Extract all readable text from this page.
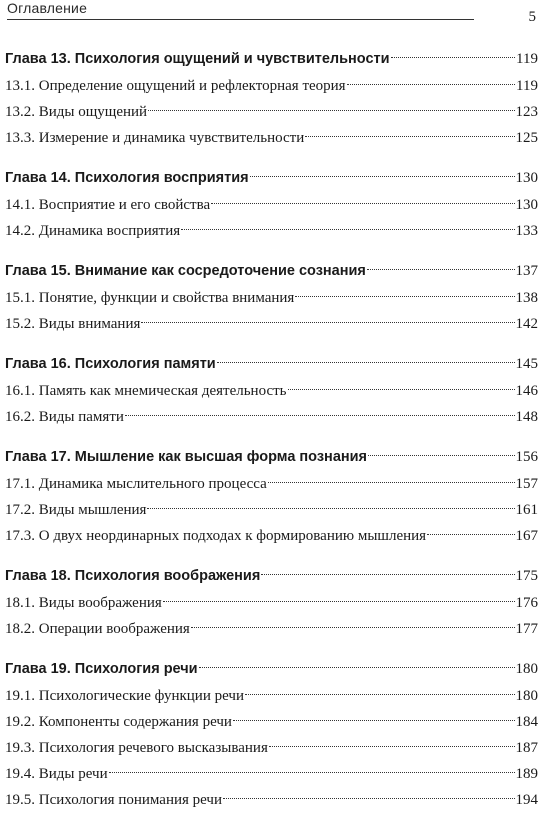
Оглавление
5
Глава 13. Психология ощущений и чувствительности	119
13.1. Определение ощущений и рефлекторная теория	119
13.2. Виды ощущений	123
13.3. Измерение и динамика чувствительности	125
Глава 14. Психология восприятия	130
14.1. Восприятие и его свойства	130
14.2. Динамика восприятия	133
Глава 15. Внимание как сосредоточение сознания	137
15.1. Понятие, функции и свойства внимания	138
15.2. Виды внимания	142
Глава 16. Психология памяти	145
16.1. Память как мнемическая деятельность	146
16.2. Виды памяти	148
Глава 17. Мышление как высшая форма познания	156
17.1. Динамика мыслительного процесса	157
17.2. Виды мышления	161
17.3. О двух неординарных подходах к формированию мышления	167
Глава 18. Психология воображения	175
18.1. Виды воображения	176
18.2. Операции воображения	177
Глава 19. Психология речи	180
19.1. Психологические функции речи	180
19.2. Компоненты содержания речи	184
19.3. Психология речевого высказывания	187
19.4. Виды речи	189
19.5. Психология понимания речи	194
